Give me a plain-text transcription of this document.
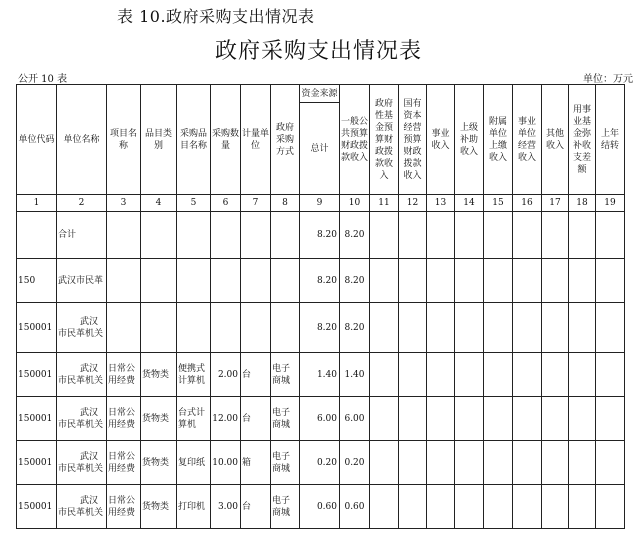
表 10.政府采购支出情况表
政府采购支出情况表
公开 10 表	单位：万元
单位代码	单位名称	项目名称	品目类别	采购品目名称	采购数量	计量单位	政府采购方式	资金来源	一般公共预算财政拨款收入	政府性基金预算财政拨款收入	国有资本经营预算财政拨款收入	事业收入	上级补助收入	附属单位上缴收入	事业单位经营收入	其他收入	用事业基金弥补收支差额	上年结转
								总计										
1	2	3	4	5	6	7	8	9	10	11	12	13	14	15	16	17	18	19
	合计							8.20	8.20									
150	武汉市民革							8.20	8.20									
150001	武汉市民革机关							8.20	8.20									
150001	武汉市民革机关	日常公用经费	货物类	便携式计算机	2.00	台	电子商城	1.40	1.40									
150001	武汉市民革机关	日常公用经费	货物类	台式计算机	12.00	台	电子商城	6.00	6.00									
150001	武汉市民革机关	日常公用经费	货物类	复印纸	10.00	箱	电子商城	0.20	0.20									
150001	武汉市民革机关	日常公用经费	货物类	打印机	3.00	台	电子商城	0.60	0.60									
